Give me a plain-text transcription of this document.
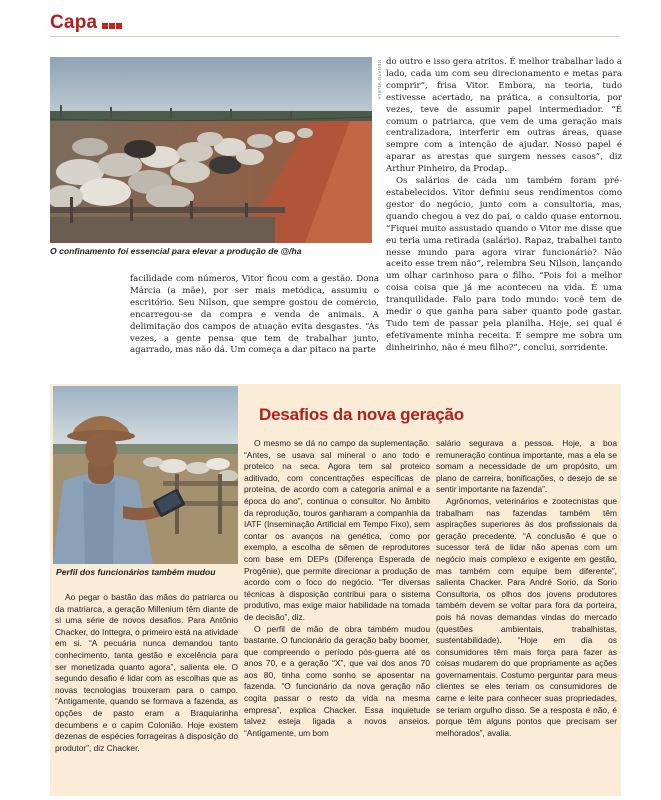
Capa
RENATO VILELA
O confinamento foi essencial para elevar a produção de @/ha

facilidade com números, Vitor ficou com a gestão. Dona Márcia (a mãe), por ser mais metódica, assumiu o escritório. Seu Nilson, que sempre gostou de comércio, encarregou-se da compra e venda de animais. A delimitação dos campos de atuação evita desgastes. “Às vezes, a gente pensa que tem de trabalhar junto, agarrado, mas não dá. Um começa a dar pitaco na parte

do outro e isso gera atritos. É melhor trabalhar lado a lado, cada um com seu direcionamento e metas para comprir”, frisa Vitor. Embora, na teoria, tudo estivesse acertado, na prática, a consultoria, por vezes, teve de assumir papel intermediador. “É comum o patriarca, que vem de uma geração mais centralizadora, interferir em outras áreas, quase sempre com a intenção de ajudar. Nosso papel é aparar as arestas que surgem nesses casos”, diz Arthur Pinheiro, da Prodap.

Os salários de cada um também foram pré-estabelecidos. Vitor definiu seus rendimentos como gestor do negócio, junto com a consultoria, mas, quando chegou a vez do pai, o caldo quase entornou. “Fiquei muito assustado quando o Vitor me disse que eu teria uma retirada (salário). Rapaz, trabalhei tanto nesse mundo para agora virar funcionário? Não aceito esse trem não”, relembra Seu Nilson, lançando um olhar carinhoso para o filho. “Pois foi a melhor coisa coisa que já me aconteceu na vida. É uma tranquilidade. Falo para todo mundo: você tem de medir o que ganha para saber quanto pode gastar. Tudo tem de passar pela planilha. Hoje, sei qual é efetivamente minha receita. E sempre me sobra um dinheirinho, não é meu filho?”, conclui, sorridente.

Perfil dos funcionários também mudou
Desafios da nova geração

Ao pegar o bastão das mãos do patriarca ou da matriarca, a geração Millenium têm diante de si uma série de novos desafios. Para Antônio Chacker, do Inttegra, o primeiro está na atividade em si. “A pecuária nunca demandou tanto conhecimento, tanta gestão e excelência para ser monetizada quanto agora”, salienta ele. O segundo desafio é lidar com as escolhas que as novas tecnologias trouxeram para o campo. “Antigamente, quando se formava a fazenda, as opções de pasto eram a Braquiarinha decumbens e o capim Colonião. Hoje existem dezenas de espécies forrageiras à disposição do produtor”, diz Chacker.

O mesmo se dá no campo da suplementação. “Antes, se usava sal mineral o ano todo e proteico na seca. Agora tem sal proteico aditivado, com concentrações específicas de proteína, de acordo com a categoria animal e a época do ano”, continua o consultor. No âmbito da reprodução, touros ganharam a companhia da IATF (Inseminação Artificial em Tempo Fixo), sem contar os avanços na genética, como por exemplo, a escolha de sêmen de reprodutores com base em DEPs (Diferença Esperada de Progênie), que permite direcionar a produção de acordo com o foco do negócio. “Ter diversas técnicas à disposição contribui para o sistema produtivo, mas exige maior habilidade na tomada de decisão”, diz.

O perfil de mão de obra também mudou bastante. O funcionário da geração baby boomer, que compreendo o período pós-guerra até os anos 70, e a geração “X”, que vai dos anos 70 aos 80, tinha como sonho se aposentar na fazenda. “O funcionário da nova geração não cogita passar o resto da vida na mesma empresa”, explica Chacker. Essa inquietude talvez esteja ligada a novos anseios. “Antigamente, um bom

salário segurava a pessoa. Hoje, a boa remuneração continua importante, mas a ela se somam a necessidade de um propósito, um plano de carreira, bonificações, o desejo de se sentir importante na fazenda”.

Agrônomos, veterinários e zootecnistas que trabalham nas fazendas também têm aspirações superiores às dos profissionais da geração precedente. “A conclusão é que o sucessor terá de lidar não apenas com um negócio mais complexo e exigente em gestão, mas também com equipe bem diferente”, salienta Chacker. Para André Sorio, da Sorio Consultoria, os olhos dos jovens produtores também devem se voltar para fora da porteira, pois há novas demandas vindas do mercado (questões ambientais, trabalhistas, sustentabilidade). “Hoje em dia os consumidores têm mais força para fazer as coisas mudarem do que propriamente as ações governamentais. Costumo perguntar para meus clientes se eles teriam os consumidores de carne e leite para conhecer suas propriedades, se teriam orgulho disso. Se a resposta é não, é porque têm alguns pontos que precisam ser melhorados”, avalia.
